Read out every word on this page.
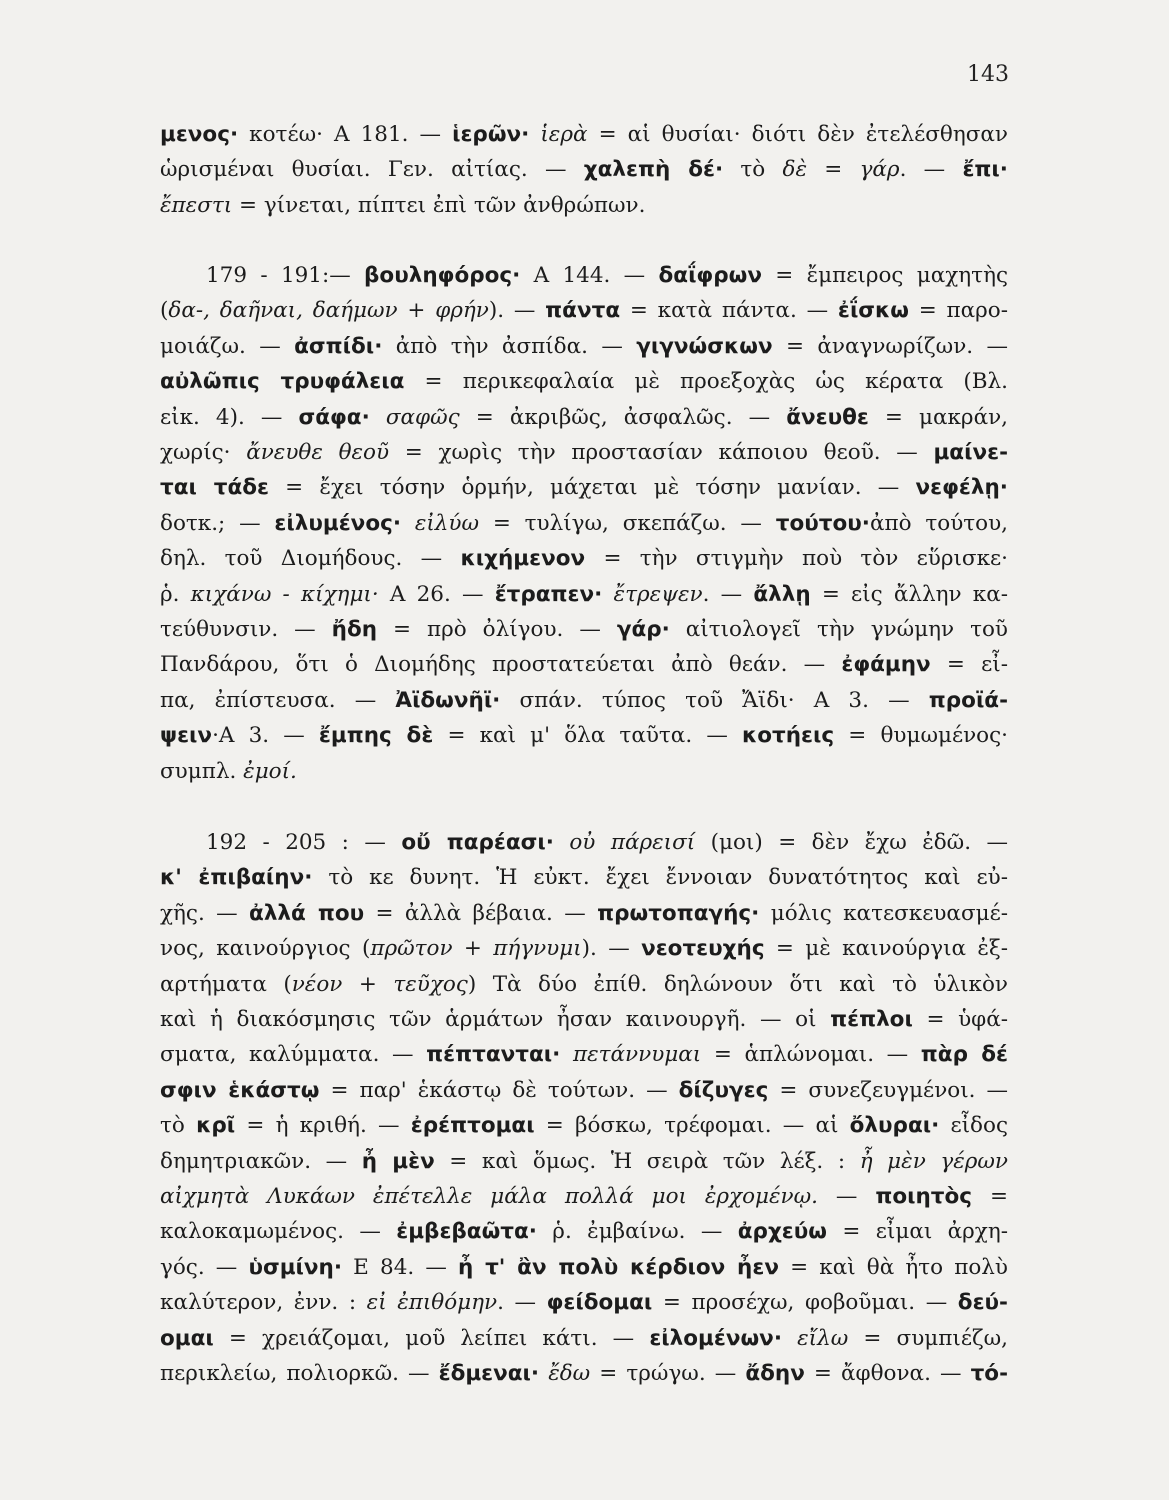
143
μενος· κοτέω· Α 181. — ἱερῶν· ἱερὰ = αἱ θυσίαι· διότι δὲν ἐτελέσθησαν
ὡρισμέναι θυσίαι. Γεν. αἰτίας. — χαλεπὴ δέ· τὸ δὲ = γάρ. — ἔπι·
ἔπεστι = γίνεται, πίπτει ἐπὶ τῶν ἀνθρώπων.
179 - 191:— βουληφόρος· Α 144. — δαΐφρων = ἔμπειρος μαχητὴς
(δα-, δαῆναι, δαήμων + φρήν). — πάντα = κατὰ πάντα. — ἐΐσκω = παρο-
μοιάζω. — ἀσπίδι· ἀπὸ τὴν ἀσπίδα. — γιγνώσκων = ἀναγνωρίζων. —
αὐλῶπις τρυφάλεια = περικεφαλαία μὲ προεξοχὰς ὡς κέρατα (Βλ.
εἰκ. 4). — σάφα· σαφῶς = ἀκριβῶς, ἀσφαλῶς. — ἄνευθε = μακράν,
χωρίς· ἄνευθε θεοῦ = χωρὶς τὴν προστασίαν κάποιου θεοῦ. — μαίνε-
ται τάδε = ἔχει τόσην ὁρμήν, μάχεται μὲ τόσην μανίαν. — νεφέλῃ·
δοτκ.; — εἰλυμένος· εἰλύω = τυλίγω, σκεπάζω. — τούτου·ἀπὸ τούτου,
δηλ. τοῦ Διομήδους. — κιχήμενον = τὴν στιγμὴν ποὺ τὸν εὕρισκε·
ῥ. κιχάνω - κίχημι· Α 26. — ἔτραπεν· ἔτρεψεν. — ἄλλῃ = εἰς ἄλλην κα-
τεύθυνσιν. — ἤδη = πρὸ ὀλίγου. — γάρ· αἰτιολογεῖ τὴν γνώμην τοῦ
Πανδάρου, ὅτι ὁ Διομήδης προστατεύεται ἀπὸ θεάν. — ἐφάμην = εἶ-
πα, ἐπίστευσα. — Ἀϊδωνῆϊ· σπάν. τύπος τοῦ Ἄϊδι· Α 3. — προϊά-
ψειν·Α 3. — ἔμπης δὲ = καὶ μ' ὅλα ταῦτα. — κοτήεις = θυμωμένος·
συμπλ. ἐμοί.
192 - 205 : — οὔ παρέασι· οὐ πάρεισί (μοι) = δὲν ἔχω ἐδῶ. —
κ' ἐπιβαίην· τὸ κε δυνητ. Ἡ εὐκτ. ἔχει ἔννοιαν δυνατότητος καὶ εὐ-
χῆς. — ἀλλά που = ἀλλὰ βέβαια. — πρωτοπαγής· μόλις κατεσκευασμέ-
νος, καινούργιος (πρῶτον + πήγνυμι). — νεοτευχής = μὲ καινούργια ἐξ-
αρτήματα (νέον + τεῦχος) Τὰ δύο ἐπίθ. δηλώνουν ὅτι καὶ τὸ ὑλικὸν
καὶ ἡ διακόσμησις τῶν ἁρμάτων ἦσαν καινουργῆ. — οἱ πέπλοι = ὑφά-
σματα, καλύμματα. — πέπτανται· πετάννυμαι = ἁπλώνομαι. — πὰρ δέ
σφιν ἑκάστῳ = παρ' ἑκάστῳ δὲ τούτων. — δίζυγες = συνεζευγμένοι. —
τὸ κρῖ = ἡ κριθή. — ἐρέπτομαι = βόσκω, τρέφομαι. — αἱ ὄλυραι· εἶδος
δημητριακῶν. — ἦ μὲν = καὶ ὅμως. Ἡ σειρὰ τῶν λέξ. : ἦ μὲν γέρων
αἰχμητὰ Λυκάων ἐπέτελλε μάλα πολλά μοι ἐρχομένῳ. — ποιητὸς =
καλοκαμωμένος. — ἐμβεβαῶτα· ῥ. ἐμβαίνω. — ἀρχεύω = εἶμαι ἀρχη-
γός. — ὑσμίνη· Ε 84. — ἦ τ' ἂν πολὺ κέρδιον ἦεν = καὶ θὰ ἦτο πολὺ
καλύτερον, ἐνν. : εἰ ἐπιθόμην. — φείδομαι = προσέχω, φοβοῦμαι. — δεύ-
ομαι = χρειάζομαι, μοῦ λείπει κάτι. — εἰλομένων· εἴλω = συμπιέζω,
περικλείω, πολιορκῶ. — ἔδμεναι· ἔδω = τρώγω. — ἄδην = ἄφθονα. — τό-
